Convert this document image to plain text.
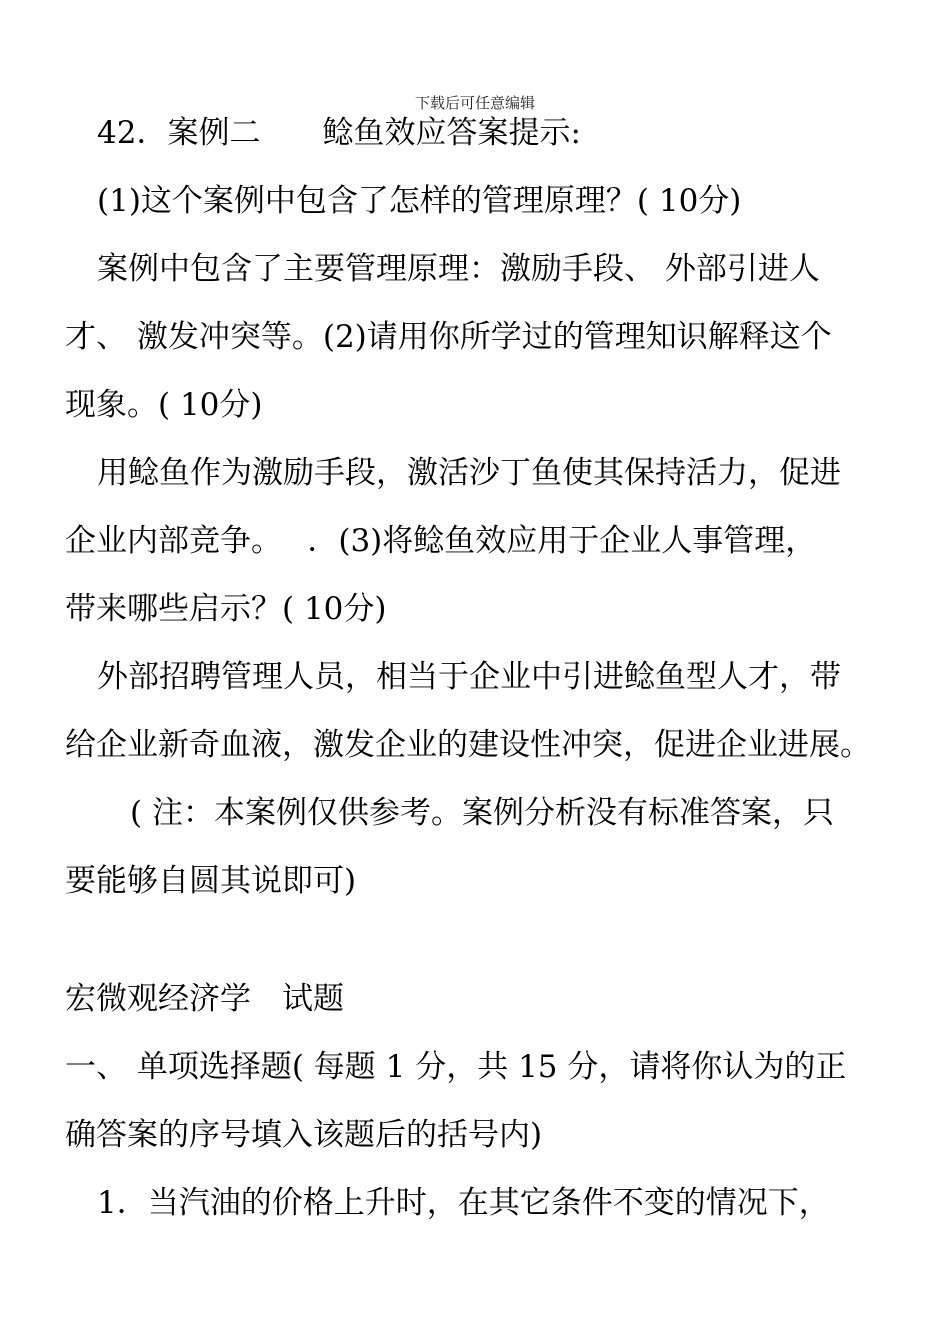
下载后可任意编辑
42．案例二　　鲶鱼效应答案提示:
(1)这个案例中包含了怎样的管理原理？( 10分)
案例中包含了主要管理原理：激励手段、 外部引进人
才、 激发冲突等。(2)请用你所学过的管理知识解释这个
现象。( 10分)
用鲶鱼作为激励手段，激活沙丁鱼使其保持活力，促进
企业内部竞争。　 ．(3)将鲶鱼效应用于企业人事管理，
带来哪些启示？( 10分)
外部招聘管理人员，相当于企业中引进鲶鱼型人才，带
给企业新奇血液，激发企业的建设性冲突，促进企业进展。
( 注：本案例仅供参考。案例分析没有标准答案，只
要能够自圆其说即可)
宏微观经济学　试题
一、 单项选择题( 每题 1 分，共 15 分，请将你认为的正
确答案的序号填入该题后的括号内)
1．当汽油的价格上升时，在其它条件不变的情况下，
